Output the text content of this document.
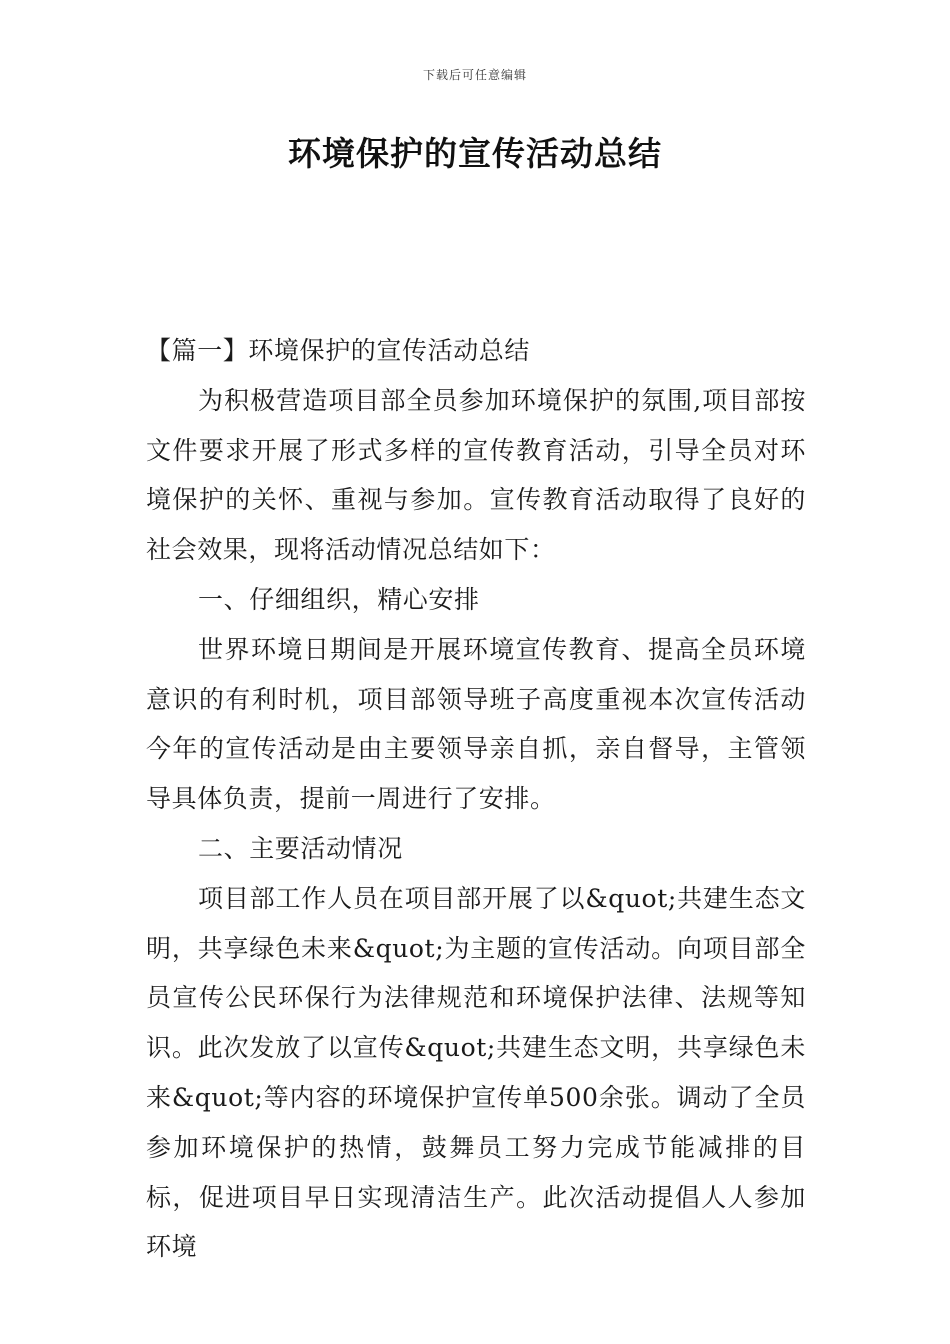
下载后可任意编辑
环境保护的宣传活动总结

【篇一】环境保护的宣传活动总结

为积极营造项目部全员参加环境保护的氛围,项目部按文件要求开展了形式多样的宣传教育活动，引导全员对环境保护的关怀、重视与参加。宣传教育活动取得了良好的社会效果，现将活动情况总结如下：

一、仔细组织，精心安排

世界环境日期间是开展环境宣传教育、提高全员环境意识的有利时机，项目部领导班子高度重视本次宣传活动今年的宣传活动是由主要领导亲自抓，亲自督导，主管领导具体负责，提前一周进行了安排。

二、主要活动情况

项目部工作人员在项目部开展了以&quot;共建生态文明，共享绿色未来&quot;为主题的宣传活动。向项目部全员宣传公民环保行为法律规范和环境保护法律、法规等知识。此次发放了以宣传&quot;共建生态文明，共享绿色未来&quot;等内容的环境保护宣传单500余张。调动了全员参加环境保护的热情，鼓舞员工努力完成节能减排的目标，促进项目早日实现清洁生产。此次活动提倡人人参加环境
